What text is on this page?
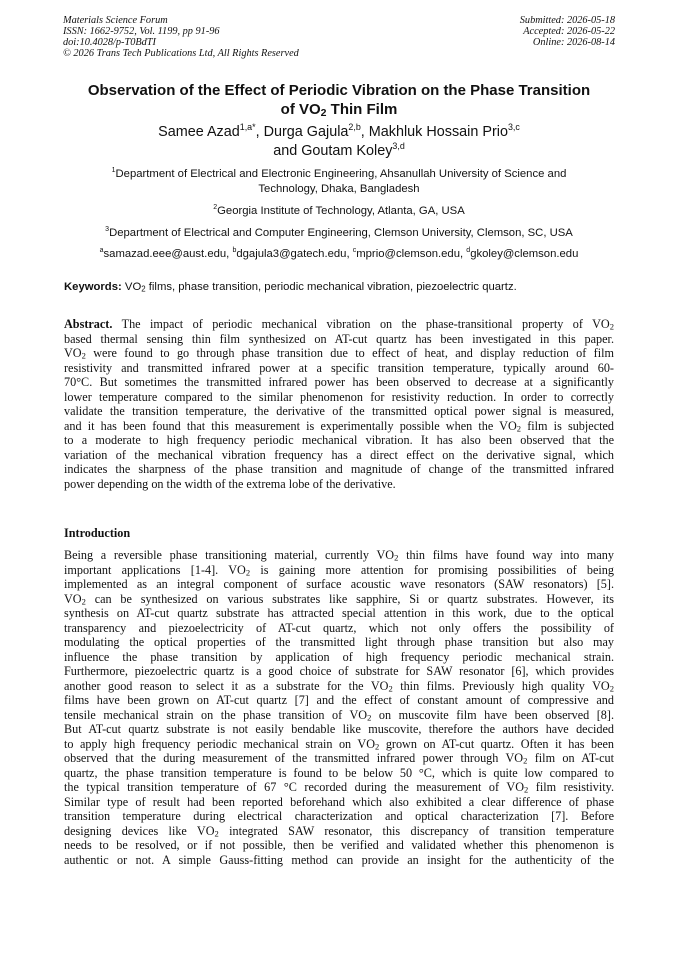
Materials Science Forum
ISSN: 1662-9752, Vol. 1199, pp 91-96
doi:10.4028/p-T0BdTI
© 2026 Trans Tech Publications Ltd, All Rights Reserved
Submitted: 2026-05-18
Accepted: 2026-05-22
Online: 2026-08-14
Observation of the Effect of Periodic Vibration on the Phase Transition
of $VO_2$ Thin Film
Samee Azad$^{1,a*}$, Durga Gajula$^{2,b}$, Makhluk Hossain Prio$^{3,c}$
and Goutam Koley$^{3,d}$
$^1$Department of Electrical and Electronic Engineering, Ahsanullah University of Science and
Technology, Dhaka, Bangladesh
$^2$Georgia Institute of Technology, Atlanta, GA, USA
$^3$Department of Electrical and Computer Engineering, Clemson University, Clemson, SC, USA
$^a$samazad.eee@aust.edu, $^b$dgajula3@gatech.edu, $^c$mprio@clemson.edu, $^d$gkoley@clemson.edu
Keywords: $VO_2$ films, phase transition, periodic mechanical vibration, piezoelectric quartz.
Abstract. The impact of periodic mechanical vibration on the phase-transitional property of $VO_2$
based thermal sensing thin film synthesized on AT-cut quartz has been investigated in this paper.
$VO_2$ were found to go through phase transition due to effect of heat, and display reduction of film
resistivity and transmitted infrared power at a specific transition temperature, typically around 60-
70°C. But sometimes the transmitted infrared power has been observed to decrease at a significantly
lower temperature compared to the similar phenomenon for resistivity reduction. In order to correctly
validate the transition temperature, the derivative of the transmitted optical power signal is measured,
and it has been found that this measurement is experimentally possible when the $VO_2$ film is subjected
to a moderate to high frequency periodic mechanical vibration. It has also been observed that the
variation of the mechanical vibration frequency has a direct effect on the derivative signal, which
indicates the sharpness of the phase transition and magnitude of change of the transmitted infrared
power depending on the width of the extrema lobe of the derivative.
Introduction
Being a reversible phase transitioning material, currently $VO_2$ thin films have found way into many
important applications [1-4]. $VO_2$ is gaining more attention for promising possibilities of being
implemented as an integral component of surface acoustic wave resonators (SAW resonators) [5].
$VO_2$ can be synthesized on various substrates like sapphire, Si or quartz substrates. However, its
synthesis on AT-cut quartz substrate has attracted special attention in this work, due to the optical
transparency and piezoelectricity of AT-cut quartz, which not only offers the possibility of
modulating the optical properties of the transmitted light through phase transition but also may
influence the phase transition by application of high frequency periodic mechanical strain.
Furthermore, piezoelectric quartz is a good choice of substrate for SAW resonator [6], which provides
another good reason to select it as a substrate for the $VO_2$ thin films. Previously high quality $VO_2$
films have been grown on AT-cut quartz [7] and the effect of constant amount of compressive and
tensile mechanical strain on the phase transition of $VO_2$ on muscovite film have been observed [8].
But AT-cut quartz substrate is not easily bendable like muscovite, therefore the authors have decided
to apply high frequency periodic mechanical strain on $VO_2$ grown on AT-cut quartz. Often it has been
observed that the during measurement of the transmitted infrared power through $VO_2$ film on AT-cut
quartz, the phase transition temperature is found to be below 50 °C, which is quite low compared to
the typical transition temperature of 67 °C recorded during the measurement of $VO_2$ film resistivity.
Similar type of result had been reported beforehand which also exhibited a clear difference of phase
transition temperature during electrical characterization and optical characterization [7]. Before
designing devices like $VO_2$ integrated SAW resonator, this discrepancy of transition temperature
needs to be resolved, or if not possible, then be verified and validated whether this phenomenon is
authentic or not. A simple Gauss-fitting method can provide an insight for the authenticity of the
